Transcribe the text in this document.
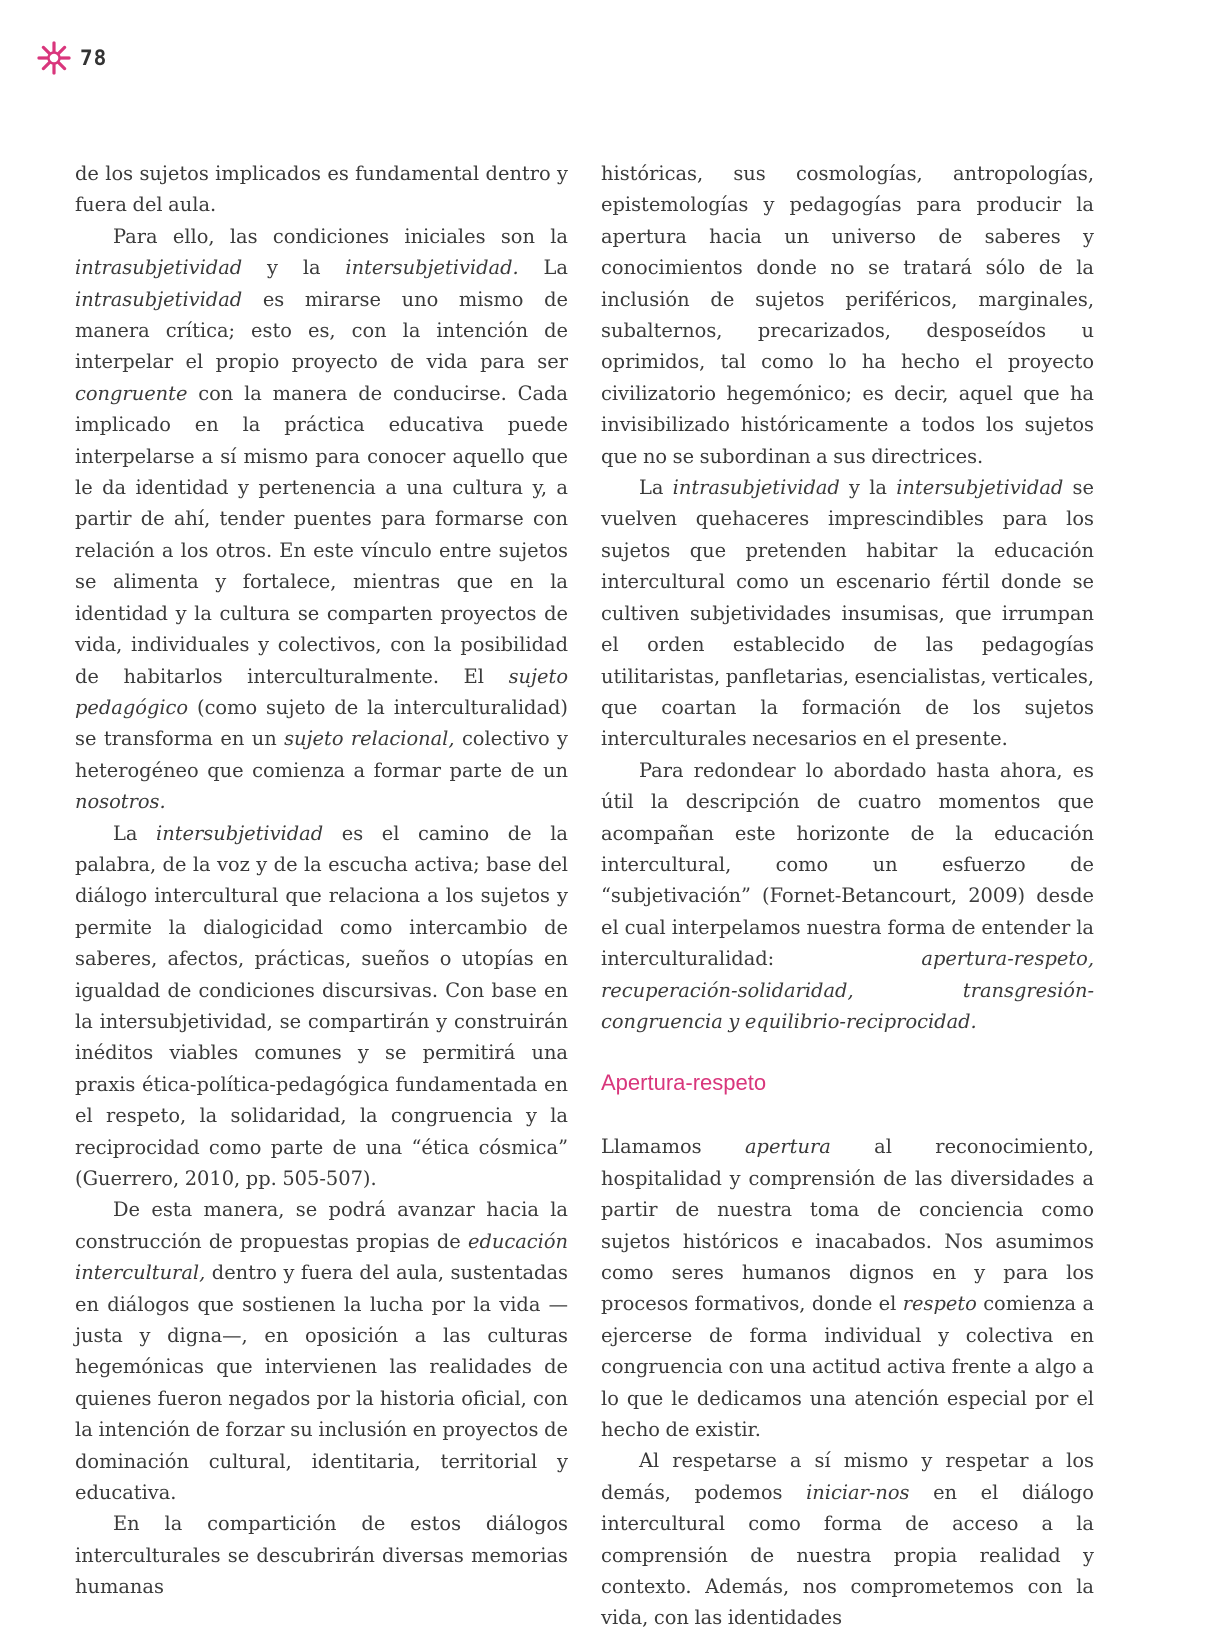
78

de los sujetos implicados es fundamental dentro y fuera del aula.

Para ello, las condiciones iniciales son la intrasubjetividad y la intersubjetividad. La intrasubjetividad es mirarse uno mismo de manera crítica; esto es, con la intención de interpelar el propio proyecto de vida para ser congruente con la manera de conducirse. Cada implicado en la práctica educativa puede interpelarse a sí mismo para conocer aquello que le da identidad y pertenencia a una cultura y, a partir de ahí, tender puentes para formarse con relación a los otros. En este vínculo entre sujetos se alimenta y fortalece, mientras que en la identidad y la cultura se comparten proyectos de vida, individuales y colectivos, con la posibilidad de habitarlos interculturalmente. El sujeto pedagógico (como sujeto de la interculturalidad) se transforma en un sujeto relacional, colectivo y heterogéneo que comienza a formar parte de un nosotros.

La intersubjetividad es el camino de la palabra, de la voz y de la escucha activa; base del diálogo intercultural que relaciona a los sujetos y permite la dialogicidad como intercambio de saberes, afectos, prácticas, sueños o utopías en igualdad de condiciones discursivas. Con base en la intersubjetividad, se compartirán y construirán inéditos viables comunes y se permitirá una praxis ética-política-pedagógica fundamentada en el respeto, la solidaridad, la congruencia y la reciprocidad como parte de una “ética cósmica” (Guerrero, 2010, pp. 505-507).

De esta manera, se podrá avanzar hacia la construcción de propuestas propias de educación intercultural, dentro y fuera del aula, sustentadas en diálogos que sostienen la lucha por la vida —justa y digna—, en oposición a las culturas hegemónicas que intervienen las realidades de quienes fueron negados por la historia oficial, con la intención de forzar su inclusión en proyectos de dominación cultural, identitaria, territorial y educativa.

En la compartición de estos diálogos interculturales se descubrirán diversas memorias humanas

históricas, sus cosmologías, antropologías, epistemologías y pedagogías para producir la apertura hacia un universo de saberes y conocimientos donde no se tratará sólo de la inclusión de sujetos periféricos, marginales, subalternos, precarizados, desposeídos u oprimidos, tal como lo ha hecho el proyecto civilizatorio hegemónico; es decir, aquel que ha invisibilizado históricamente a todos los sujetos que no se subordinan a sus directrices.

La intrasubjetividad y la intersubjetividad se vuelven quehaceres imprescindibles para los sujetos que pretenden habitar la educación intercultural como un escenario fértil donde se cultiven subjetividades insumisas, que irrumpan el orden establecido de las pedagogías utilitaristas, panfletarias, esencialistas, verticales, que coartan la formación de los sujetos interculturales necesarios en el presente.

Para redondear lo abordado hasta ahora, es útil la descripción de cuatro momentos que acompañan este horizonte de la educación intercultural, como un esfuerzo de “subjetivación” (Fornet-Betancourt, 2009) desde el cual interpelamos nuestra forma de entender la interculturalidad: apertura-respeto, recuperación-solidaridad, transgresión-congruencia y equilibrio-reciprocidad.

Apertura-respeto

Llamamos apertura al reconocimiento, hospitalidad y comprensión de las diversidades a partir de nuestra toma de conciencia como sujetos históricos e inacabados. Nos asumimos como seres humanos dignos en y para los procesos formativos, donde el respeto comienza a ejercerse de forma individual y colectiva en congruencia con una actitud activa frente a algo a lo que le dedicamos una atención especial por el hecho de existir.

Al respetarse a sí mismo y respetar a los demás, podemos iniciar-nos en el diálogo intercultural como forma de acceso a la comprensión de nuestra propia realidad y contexto. Además, nos comprometemos con la vida, con las identidades
